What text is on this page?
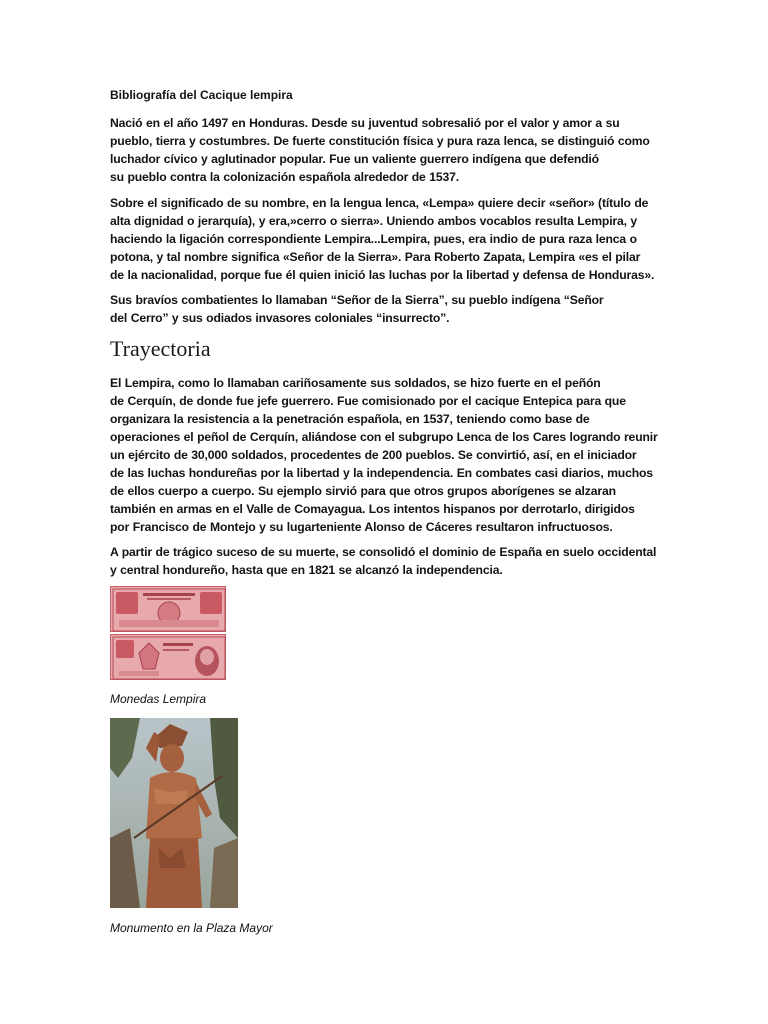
Bibliografía del Cacique lempira

Nació en el año 1497 en Honduras. Desde su juventud sobresalió por el valor y amor a su
pueblo, tierra y costumbres. De fuerte constitución física y pura raza lenca, se distinguió como
luchador cívico y aglutinador popular. Fue un valiente guerrero indígena que defendió
su pueblo contra la colonización española alrededor de 1537.

Sobre el significado de su nombre, en la lengua lenca, «Lempa» quiere decir «señor» (título de
alta dignidad o jerarquía), y era,»cerro o sierra». Uniendo ambos vocablos resulta Lempira, y
haciendo la ligación correspondiente Lempira...Lempira, pues, era indio de pura raza lenca o
potona, y tal nombre significa «Señor de la Sierra». Para Roberto Zapata, Lempira «es el pilar
de la nacionalidad, porque fue él quien inició las luchas por la libertad y defensa de Honduras».

Sus bravíos combatientes lo llamaban “Señor de la Sierra”, su pueblo indígena “Señor
del Cerro” y sus odiados invasores coloniales “insurrecto”.

Trayectoria

El Lempira, como lo llamaban cariñosamente sus soldados, se hizo fuerte en el peñón
de Cerquín, de donde fue jefe guerrero. Fue comisionado por el cacique Entepica para que
organizara la resistencia a la penetración española, en 1537, teniendo como base de
operaciones el peñol de Cerquín, aliándose con el subgrupo Lenca de los Cares logrando reunir
un ejército de 30,000 soldados, procedentes de 200 pueblos. Se convirtió, así, en el iniciador
de las luchas hondureñas por la libertad y la independencia. En combates casi diarios, muchos
de ellos cuerpo a cuerpo. Su ejemplo sirvió para que otros grupos aborígenes se alzaran
también en armas en el Valle de Comayagua. Los intentos hispanos por derrotarlo, dirigidos
por Francisco de Montejo y su lugarteniente Alonso de Cáceres resultaron infructuosos.

A partir de trágico suceso de su muerte, se consolidó el dominio de España en suelo occidental
y central hondureño, hasta que en 1821 se alcanzó la independencia.

Monedas Lempira
Monumento en la Plaza Mayor
